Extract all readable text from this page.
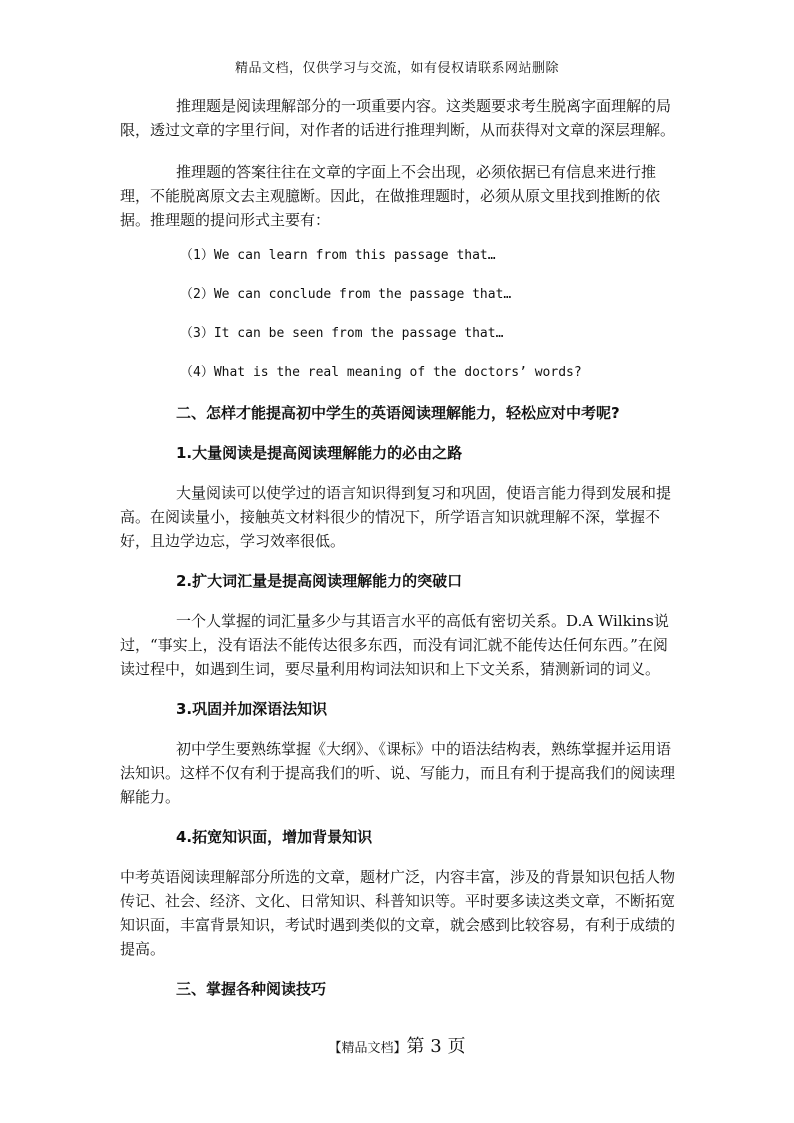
精品文档，仅供学习与交流，如有侵权请联系网站删除

推理题是阅读理解部分的一项重要内容。这类题要求考生脱离字面理解的局限，透过文章的字里行间，对作者的话进行推理判断，从而获得对文章的深层理解。

推理题的答案往往在文章的字面上不会出现，必须依据已有信息来进行推理，不能脱离原文去主观臆断。因此，在做推理题时，必须从原文里找到推断的依据。推理题的提问形式主要有：

（1）We can learn from this passage that…

（2）We can conclude from the passage that…

（3）It can be seen from the passage that…

（4）What is the real meaning of the doctors’ words?

二、怎样才能提高初中学生的英语阅读理解能力，轻松应对中考呢?

1.大量阅读是提高阅读理解能力的必由之路

大量阅读可以使学过的语言知识得到复习和巩固，使语言能力得到发展和提高。在阅读量小，接触英文材料很少的情况下，所学语言知识就理解不深，掌握不好，且边学边忘，学习效率很低。

2.扩大词汇量是提高阅读理解能力的突破口

一个人掌握的词汇量多少与其语言水平的高低有密切关系。D.A Wilkins说过，“事实上，没有语法不能传达很多东西，而没有词汇就不能传达任何东西。”在阅读过程中，如遇到生词，要尽量利用构词法知识和上下文关系，猜测新词的词义。

3.巩固并加深语法知识

初中学生要熟练掌握《大纲》、《课标》中的语法结构表，熟练掌握并运用语法知识。这样不仅有利于提高我们的听、说、写能力，而且有利于提高我们的阅读理解能力。

4.拓宽知识面，增加背景知识

中考英语阅读理解部分所选的文章，题材广泛，内容丰富，涉及的背景知识包括人物传记、社会、经济、文化、日常知识、科普知识等。平时要多读这类文章，不断拓宽知识面，丰富背景知识，考试时遇到类似的文章，就会感到比较容易，有利于成绩的提高。

三、掌握各种阅读技巧

【精品文档】第 3 页
